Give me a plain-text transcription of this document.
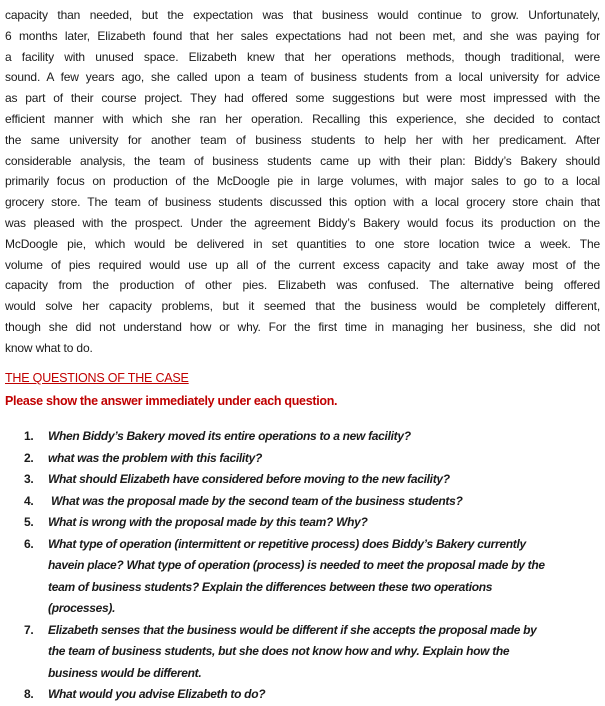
capacity than needed, but the expectation was that business would continue to grow. Unfortunately,
6 months later, Elizabeth found that her sales expectations had not been met, and she was paying for
a facility with unused space. Elizabeth knew that her operations methods, though traditional, were
sound. A few years ago, she called upon a team of business students from a local university for advice
as part of their course project. They had offered some suggestions but were most impressed with the
efficient manner with which she ran her operation. Recalling this experience, she decided to contact
the same university for another team of business students to help her with her predicament. After
considerable analysis, the team of business students came up with their plan: Biddy’s Bakery should
primarily focus on production of the McDoogle pie in large volumes, with major sales to go to a local
grocery store. The team of business students discussed this option with a local grocery store chain that
was pleased with the prospect. Under the agreement Biddy’s Bakery would focus its production on the
McDoogle pie, which would be delivered in set quantities to one store location twice a week. The
volume of pies required would use up all of the current excess capacity and take away most of the
capacity from the production of other pies. Elizabeth was confused. The alternative being offered
would solve her capacity problems, but it seemed that the business would be completely different,
though she did not understand how or why. For the first time in managing her business, she did not
know what to do.
THE QUESTIONS OF THE CASE
Please show the answer immediately under each question.
1. When Biddy’s Bakery moved its entire operations to a new facility?
2. what was the problem with this facility?
3. What should Elizabeth have considered before moving to the new facility?
4. What was the proposal made by the second team of the business students?
5. What is wrong with the proposal made by this team? Why?
6. What type of operation (intermittent or repetitive process) does Biddy’s Bakery currently
havein place? What type of operation (process) is needed to meet the proposal made by the
team of business students? Explain the differences between these two operations
(processes).
7. Elizabeth senses that the business would be different if she accepts the proposal made by
the team of business students, but she does not know how and why. Explain how the
business would be different.
8. What would you advise Elizabeth to do?
